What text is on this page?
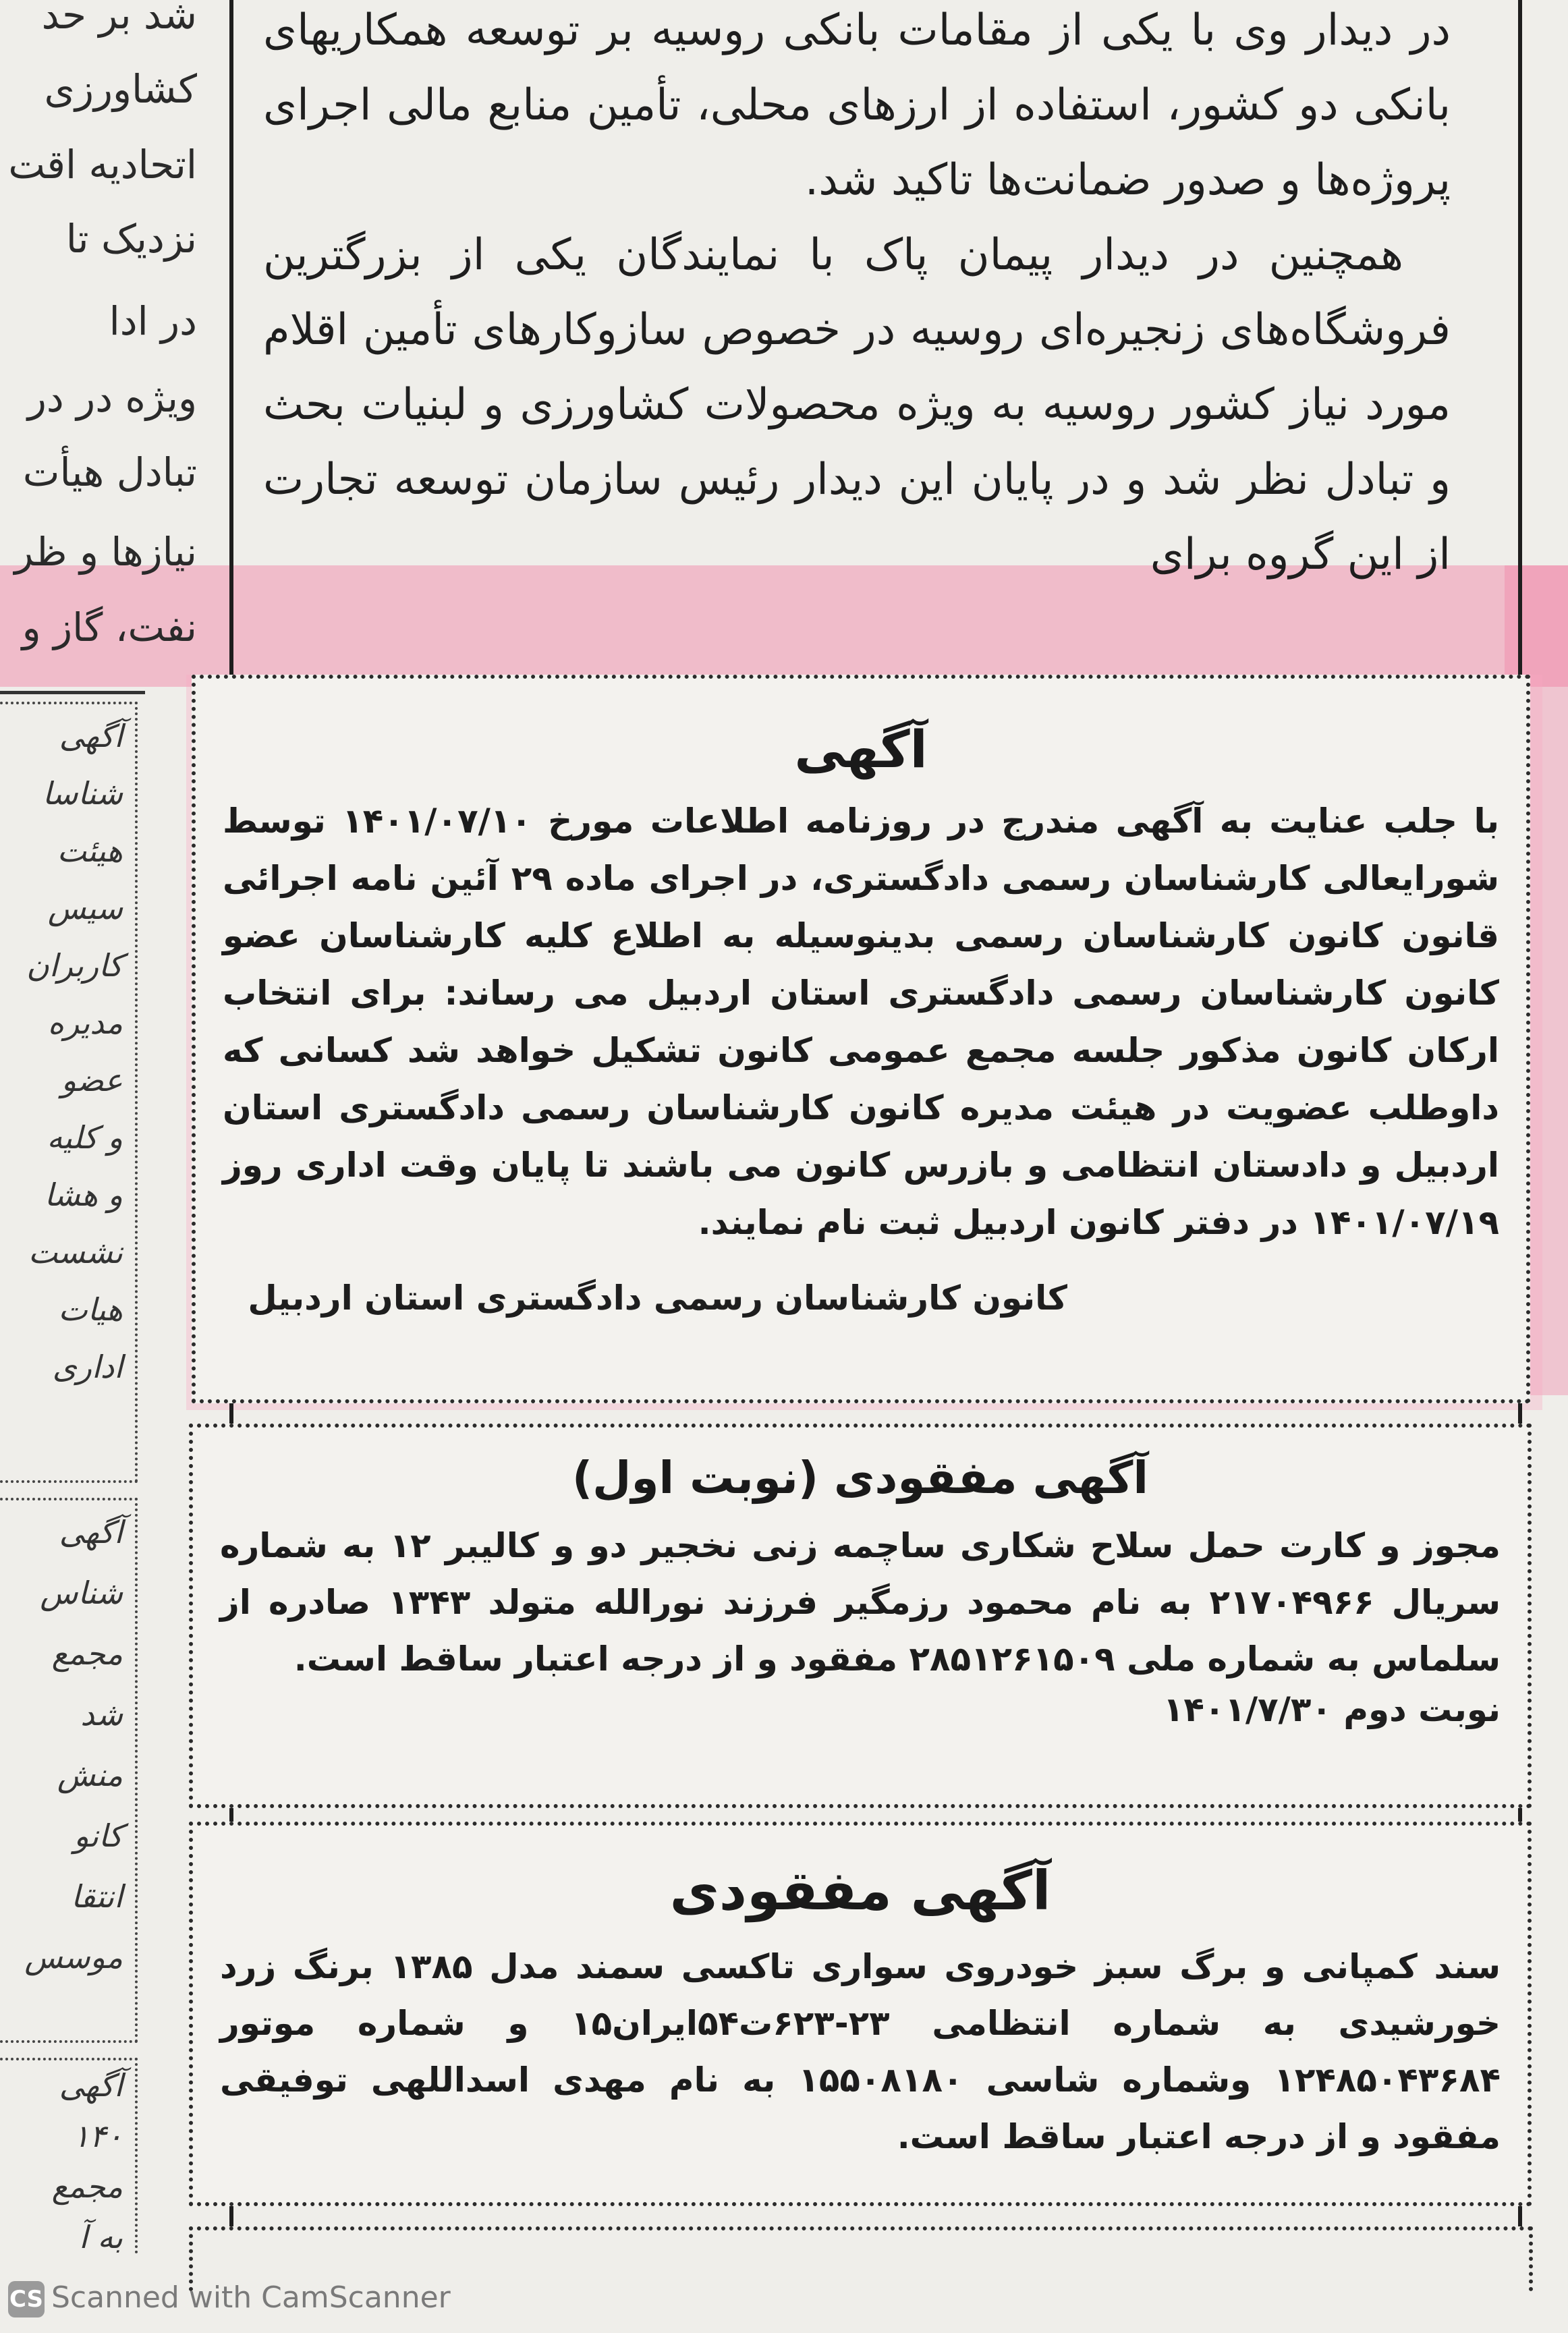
شد بر حد
کشاورزی
اتحادیه اقت
نزدیک تا
در ادا
ویژه در در
تبادل هیأت
نیازها و ظر
نفت، گاز و
آگهی
شناسا
هیئت
سیس
کاربران
مدیره
عضو
و کلیه
و هشا
نشست
هیات
اداری
آگهی
شناس
مجمع
شد
منش
کانو
انتقا
موسس
آگهی
۱۴۰
مجمع
به آ

در دیدار وی با یکی از مقامات بانکی روسیه بر توسعه همکاریهای بانکی دو کشور، استفاده از ارزهای محلی، تأمین منابع مالی اجرای پروژه‌ها و صدور ضمانت‌ها تاکید شد.

همچنین در دیدار پیمان پاک با نمایندگان یکی از بزرگترین فروشگاه‌های زنجیره‌ای روسیه در خصوص سازوکارهای تأمین اقلام مورد نیاز کشور روسیه به ویژه محصولات کشاورزی و لبنیات بحث و تبادل نظر شد و در پایان این دیدار رئیس سازمان توسعه تجارت از این گروه برای

آگهی
با جلب عنایت به آگهی مندرج در روزنامه اطلاعات مورخ ۱۴۰۱/۰۷/۱۰ توسط شورایعالی کارشناسان رسمی دادگستری، در اجرای ماده ۲۹ آئین نامه اجرائی قانون کانون کارشناسان رسمی بدینوسیله به اطلاع کلیه کارشناسان عضو کانون کارشناسان رسمی دادگستری استان اردبیل می رساند: برای انتخاب ارکان کانون مذکور جلسه مجمع عمومی کانون تشکیل خواهد شد کسانی که داوطلب عضویت در هیئت مدیره کانون کارشناسان رسمی دادگستری استان اردبیل و دادستان انتظامی و بازرس کانون می باشند تا پایان وقت اداری روز ۱۴۰۱/۰۷/۱۹ در دفتر کانون اردبیل ثبت نام نمایند.
کانون کارشناسان رسمی دادگستری استان اردبیل
آگهی مفقودی (نوبت اول)
مجوز و کارت حمل سلاح شکاری ساچمه زنی نخجیر دو و کالیبر ۱۲ به شماره سریال ۲۱۷۰۴۹۶۶ به نام محمود رزمگیر فرزند نورالله متولد ۱۳۴۳ صادره از سلماس به شماره ملی ۲۸۵۱۲۶۱۵۰۹ مفقود و از درجه اعتبار ساقط است.
نوبت دوم ۱۴۰۱/۷/۳۰
آگهی مفقودی
سند کمپانی و برگ سبز خودروی سواری تاکسی سمند مدل ۱۳۸۵ برنگ زرد خورشیدی به شماره انتظامی ۲۳-۶۲۳ت۵۴ایران۱۵ و شماره موتور ۱۲۴۸۵۰۴۳۶۸۴ وشماره شاسی ۱۵۵۰۸۱۸۰ به نام مهدی اسداللهی توفیقی مفقود و از درجه اعتبار ساقط است.
CS Scanned with CamScanner
